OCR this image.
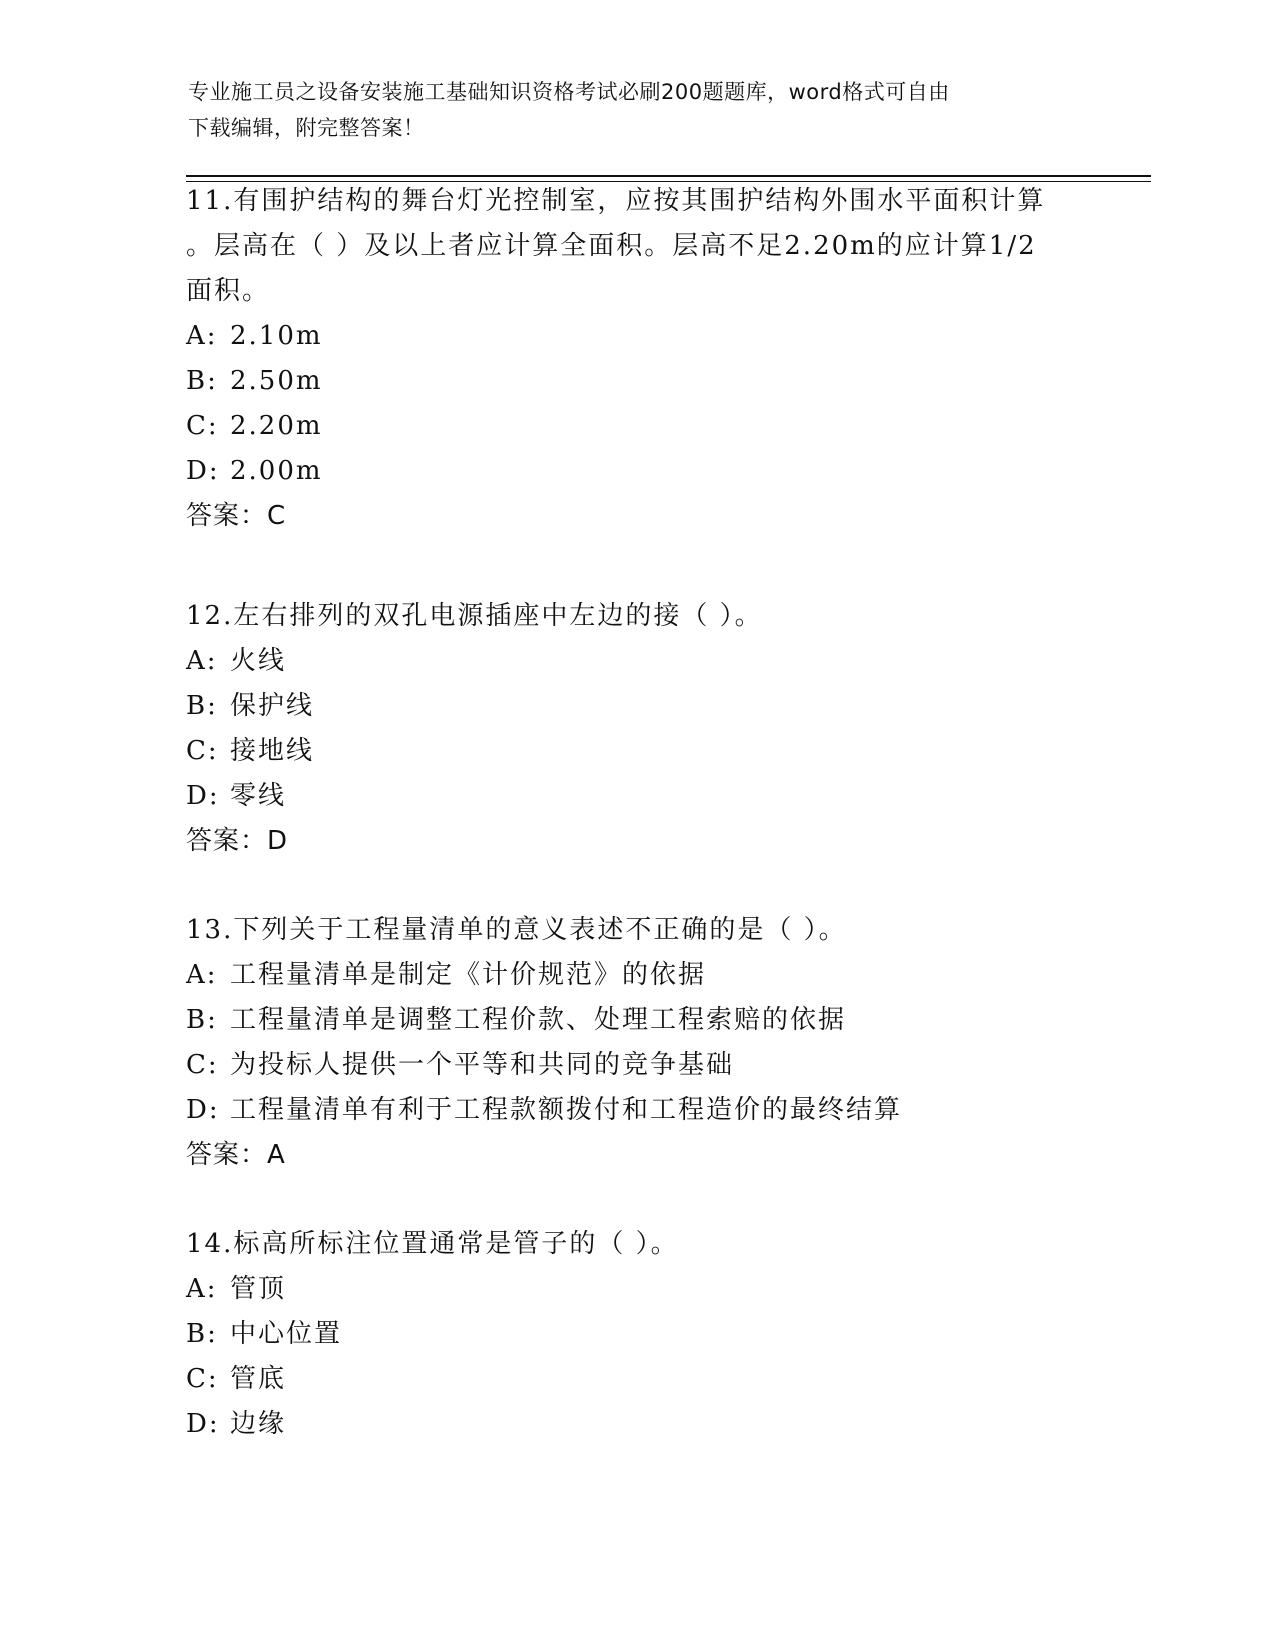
专业施工员之设备安装施工基础知识资格考试必刷200题题库，word格式可自由
下载编辑，附完整答案！
11.有围护结构的舞台灯光控制室，应按其围护结构外围水平面积计算
。层高在（ ）及以上者应计算全面积。层高不足2.20m的应计算1/2
面积。
A: 2.10m
B: 2.50m
C: 2.20m
D: 2.00m
答案：C
12.左右排列的双孔电源插座中左边的接（ ）。
A: 火线
B: 保护线
C: 接地线
D: 零线
答案：D
13.下列关于工程量清单的意义表述不正确的是（ ）。
A: 工程量清单是制定《计价规范》的依据
B: 工程量清单是调整工程价款、处理工程索赔的依据
C: 为投标人提供一个平等和共同的竞争基础
D: 工程量清单有利于工程款额拨付和工程造价的最终结算
答案：A
14.标高所标注位置通常是管子的（ ）。
A: 管顶
B: 中心位置
C: 管底
D: 边缘
